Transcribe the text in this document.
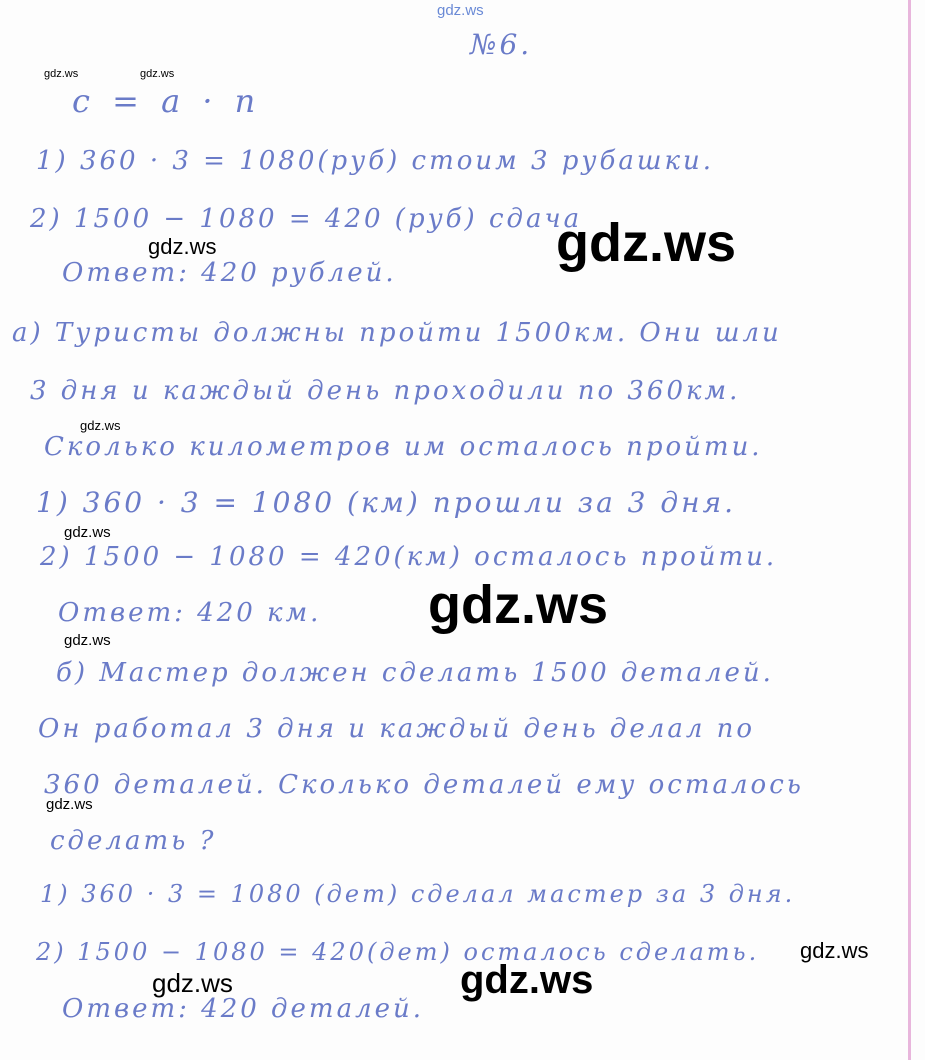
gdz.ws
gdz.ws	gdz.ws
№6.
c = a · n
1) 360 · 3 = 1080(руб) стоим 3 рубашки.
2) 1500 − 1080 = 420 (руб) сдача
Ответ: 420 рублей.
gdz.ws	gdz.ws
а) Туристы должны пройти 1500км. Они шли
3 дня и каждый день проходили по 360км.
Сколько километров им осталось пройти.
gdz.ws
1) 360 · 3 = 1080 (км) прошли за 3 дня.
2) 1500 − 1080 = 420(км) осталось пройти.
Ответ: 420 км.
gdz.ws
gdz.ws
gdz.ws
б) Мастер должен сделать 1500 деталей.
Он работал 3 дня и каждый день делал по
360 деталей. Сколько деталей ему осталось
сделать ?
gdz.ws
1) 360 · 3 = 1080 (дет) сделал мастер за 3 дня.
2) 1500 − 1080 = 420(дет) осталось сделать.
Ответ: 420 деталей.
gdz.ws
gdz.ws	gdz.ws
